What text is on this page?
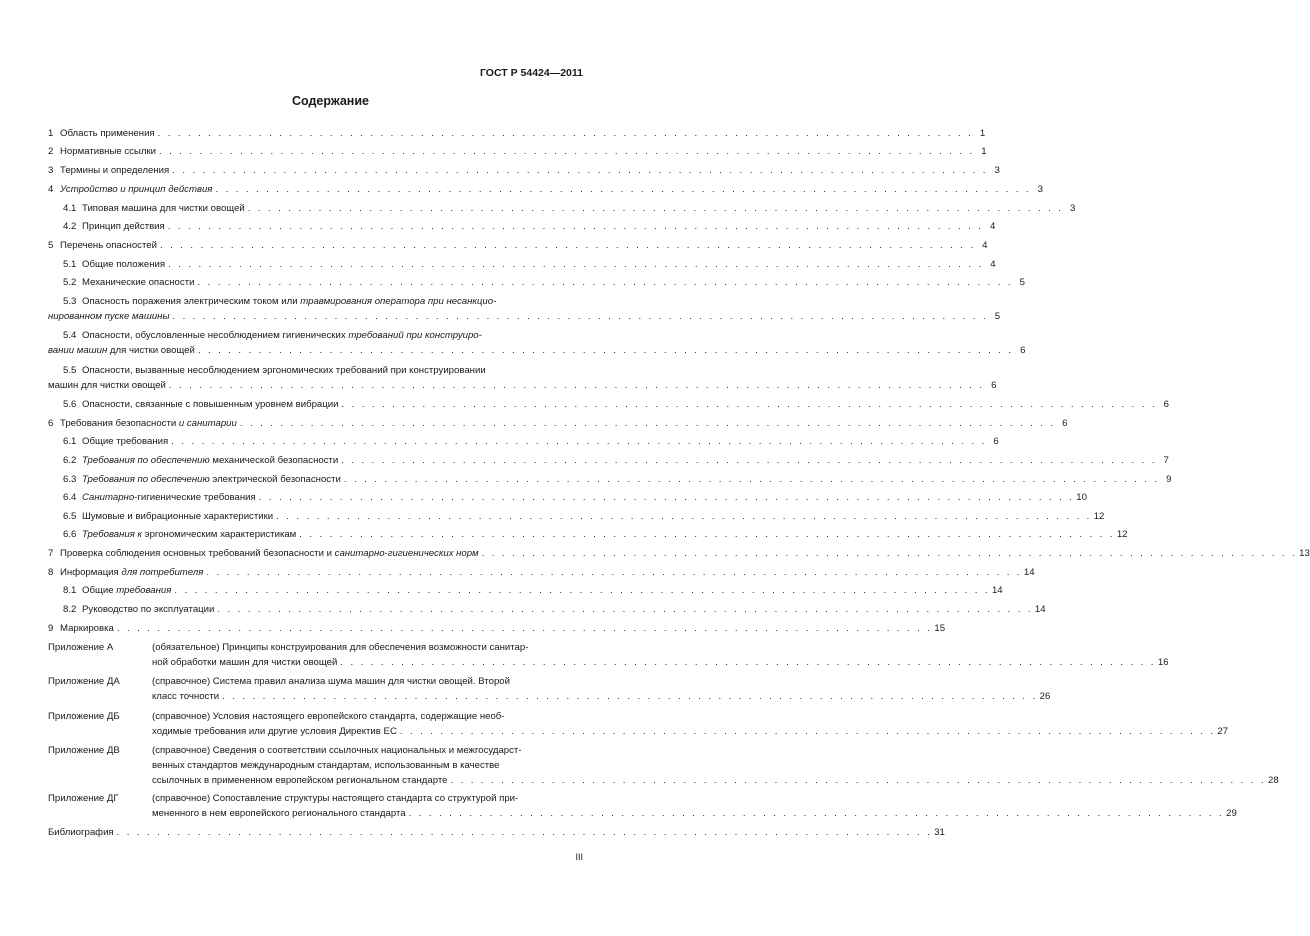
ГОСТ Р 54424—2011
Содержание
1 Область применения . . . . . . . . . . . . . . . . . . . . . . . . . . . . . . . . . . . . . . . . . . . . . . . . . . . . . . . . . . . . . . . . . . . . . . . . . . . . . . . . . 1
2 Нормативные ссылки . . . . . . . . . . . . . . . . . . . . . . . . . . . . . . . . . . . . . . . . . . . . . . . . . . . . . . . . . . . . . . . . . . . . . . . . . . . . . . . . . 1
3 Термины и определения . . . . . . . . . . . . . . . . . . . . . . . . . . . . . . . . . . . . . . . . . . . . . . . . . . . . . . . . . . . . . . . . . . . . . . . . . . . . . . . . . 3
4 Устройство и принцип действия . . . . . . . . . . . . . . . . . . . . . . . . . . . . . . . . . . . . . . . . . . . . . . . . . . . . . . . . . . . . . . . . . . . . . . . . . . . . . . . . . 3
4.1 Типовая машина для чистки овощей . . . . . . . . . . . . . . . . . . . . . . . . . . . . . . . . . . . . . . . . . . . . . . . . . . . . . . . . . . . . . . . . . . . . . . . . . . . . . . . . . 3
4.2 Принцип действия . . . . . . . . . . . . . . . . . . . . . . . . . . . . . . . . . . . . . . . . . . . . . . . . . . . . . . . . . . . . . . . . . . . . . . . . . . . . . . . . . 4
5 Перечень опасностей . . . . . . . . . . . . . . . . . . . . . . . . . . . . . . . . . . . . . . . . . . . . . . . . . . . . . . . . . . . . . . . . . . . . . . . . . . . . . . . . . 4
5.1 Общие положения . . . . . . . . . . . . . . . . . . . . . . . . . . . . . . . . . . . . . . . . . . . . . . . . . . . . . . . . . . . . . . . . . . . . . . . . . . . . . . . . . 4
5.2 Механические опасности . . . . . . . . . . . . . . . . . . . . . . . . . . . . . . . . . . . . . . . . . . . . . . . . . . . . . . . . . . . . . . . . . . . . . . . . . . . . . . . . . 5
5.3 Опасность поражения электрическим током или травмирования оператора при несанкцио-
нированном пуске машины . . . . . . . . . . . . . . . . . . . . . . . . . . . . . . . . . . . . . . . . . . . . . . . . . . . . . . . . . . . . . . . . . . . . . . . . . . . . . . . . . 5
5.4 Опасности, обусловленные несоблюдением гигиенических требований при конструиро-
вании машин для чистки овощей . . . . . . . . . . . . . . . . . . . . . . . . . . . . . . . . . . . . . . . . . . . . . . . . . . . . . . . . . . . . . . . . . . . . . . . . . . . . . . . . . 6
5.5 Опасности, вызванные несоблюдением эргономических требований при конструировании
машин для чистки овощей . . . . . . . . . . . . . . . . . . . . . . . . . . . . . . . . . . . . . . . . . . . . . . . . . . . . . . . . . . . . . . . . . . . . . . . . . . . . . . . . . 6
5.6 Опасности, связанные с повышенным уровнем вибрации . . . . . . . . . . . . . . . . . . . . . . . . . . . . . . . . . . . . . . . . . . . . . . . . . . . . . . . . . . . . . . . . . . . . . . . . . . . . . . . . . 6
6 Требования безопасности и санитарии . . . . . . . . . . . . . . . . . . . . . . . . . . . . . . . . . . . . . . . . . . . . . . . . . . . . . . . . . . . . . . . . . . . . . . . . . . . . . . . . . 6
6.1 Общие требования . . . . . . . . . . . . . . . . . . . . . . . . . . . . . . . . . . . . . . . . . . . . . . . . . . . . . . . . . . . . . . . . . . . . . . . . . . . . . . . . . 6
6.2 Требования по обеспечению механической безопасности . . . . . . . . . . . . . . . . . . . . . . . . . . . . . . . . . . . . . . . . . . . . . . . . . . . . . . . . . . . . . . . . . . . . . . . . . . . . . . . . . 7
6.3 Требования по обеспечению электрической безопасности . . . . . . . . . . . . . . . . . . . . . . . . . . . . . . . . . . . . . . . . . . . . . . . . . . . . . . . . . . . . . . . . . . . . . . . . . . . . . . . . . 9
6.4 Санитарно-гигиенические требования . . . . . . . . . . . . . . . . . . . . . . . . . . . . . . . . . . . . . . . . . . . . . . . . . . . . . . . . . . . . . . . . . . . . . . . . . . . . . . . . . 10
6.5 Шумовые и вибрационные характеристики . . . . . . . . . . . . . . . . . . . . . . . . . . . . . . . . . . . . . . . . . . . . . . . . . . . . . . . . . . . . . . . . . . . . . . . . . . . . . . . . . 12
6.6 Требования к эргономическим характеристикам . . . . . . . . . . . . . . . . . . . . . . . . . . . . . . . . . . . . . . . . . . . . . . . . . . . . . . . . . . . . . . . . . . . . . . . . . . . . . . . . . 12
7 Проверка соблюдения основных требований безопасности и санитарно-гигиенических норм . . . . . . . . . . . . . . . . . . . . . . . . . . . . . . . . . . . . . . . . . . . . . . . . . . . . . . . . . . . . . . . . . . . . . . . . . . . . . . . . . 13
8 Информация для потребителя . . . . . . . . . . . . . . . . . . . . . . . . . . . . . . . . . . . . . . . . . . . . . . . . . . . . . . . . . . . . . . . . . . . . . . . . . . . . . . . . . 14
8.1 Общие требования . . . . . . . . . . . . . . . . . . . . . . . . . . . . . . . . . . . . . . . . . . . . . . . . . . . . . . . . . . . . . . . . . . . . . . . . . . . . . . . . . 14
8.2 Руководство по эксплуатации . . . . . . . . . . . . . . . . . . . . . . . . . . . . . . . . . . . . . . . . . . . . . . . . . . . . . . . . . . . . . . . . . . . . . . . . . . . . . . . . . 14
9 Маркировка . . . . . . . . . . . . . . . . . . . . . . . . . . . . . . . . . . . . . . . . . . . . . . . . . . . . . . . . . . . . . . . . . . . . . . . . . . . . . . . . . 15
Приложение А	(обязательное) Принципы конструирования для обеспечения возможности санитар-
ной обработки машин для чистки овощей . . . . . . . . . . . . . . . . . . . . . . . . . . . . . . . . . . . . . . . . . . . . . . . . . . . . . . . . . . . . . . . . . . . . . . . . . . . . . . . . . 16
Приложение ДА	(справочное) Система правил анализа шума машин для чистки овощей. Второй
класс точности . . . . . . . . . . . . . . . . . . . . . . . . . . . . . . . . . . . . . . . . . . . . . . . . . . . . . . . . . . . . . . . . . . . . . . . . . . . . . . . . . 26
Приложение ДБ	(справочное) Условия настоящего европейского стандарта, содержащие необ-
ходимые требования или другие условия Директив ЕС . . . . . . . . . . . . . . . . . . . . . . . . . . . . . . . . . . . . . . . . . . . . . . . . . . . . . . . . . . . . . . . . . . . . . . . . . . . . . . . . . 27
Приложение ДВ	(справочное) Сведения о соответствии ссылочных национальных и межгосударст-
венных стандартов международным стандартам, использованным в качестве
ссылочных в примененном европейском региональном стандарте . . . . . . . . . . . . . . . . . . . . . . . . . . . . . . . . . . . . . . . . . . . . . . . . . . . . . . . . . . . . . . . . . . . . . . . . . . . . . . . . . 28
Приложение ДГ	(справочное) Сопоставление структуры настоящего стандарта со структурой при-
мененного в нем европейского регионального стандарта . . . . . . . . . . . . . . . . . . . . . . . . . . . . . . . . . . . . . . . . . . . . . . . . . . . . . . . . . . . . . . . . . . . . . . . . . . . . . . . . . 29
Библиография . . . . . . . . . . . . . . . . . . . . . . . . . . . . . . . . . . . . . . . . . . . . . . . . . . . . . . . . . . . . . . . . . . . . . . . . . . . . . . . . . 31
III
